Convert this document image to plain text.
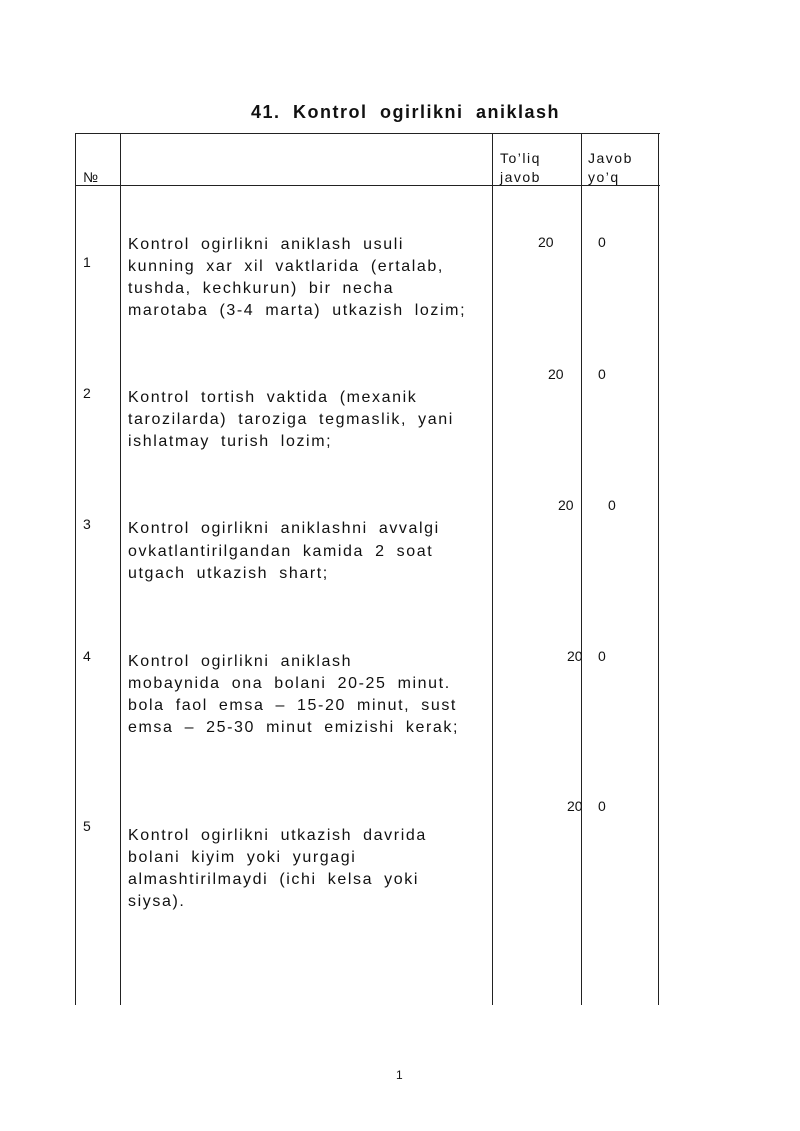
41. Kontrol ogirlikni aniklash
№
To’liq
javob
Javob
yo’q
1
Kontrol ogirlikni aniklash usuli
kunning xar xil vaktlarida (ertalab,
tushda, kechkurun) bir necha
marotaba (3-4 marta) utkazish lozim;
20	0
2 Kontrol tortish vaktida (mexanik
tarozilarda) taroziga tegmaslik, yani
ishlatmay turish lozim;
20 0
3 Kontrol ogirlikni aniklashni avvalgi
ovkatlantirilgandan kamida 2 soat
utgach utkazish shart;
20 0
4 Kontrol ogirlikni aniklash
mobaynida ona bolani 20-25 minut.
bola faol emsa – 15-20 minut, sust
emsa – 25-30 minut emizishi kerak;
20 0
5
Kontrol ogirlikni utkazish davrida
bolani kiyim yoki yurgagi
almashtirilmaydi (ichi kelsa yoki
siysa).
20 0
1
